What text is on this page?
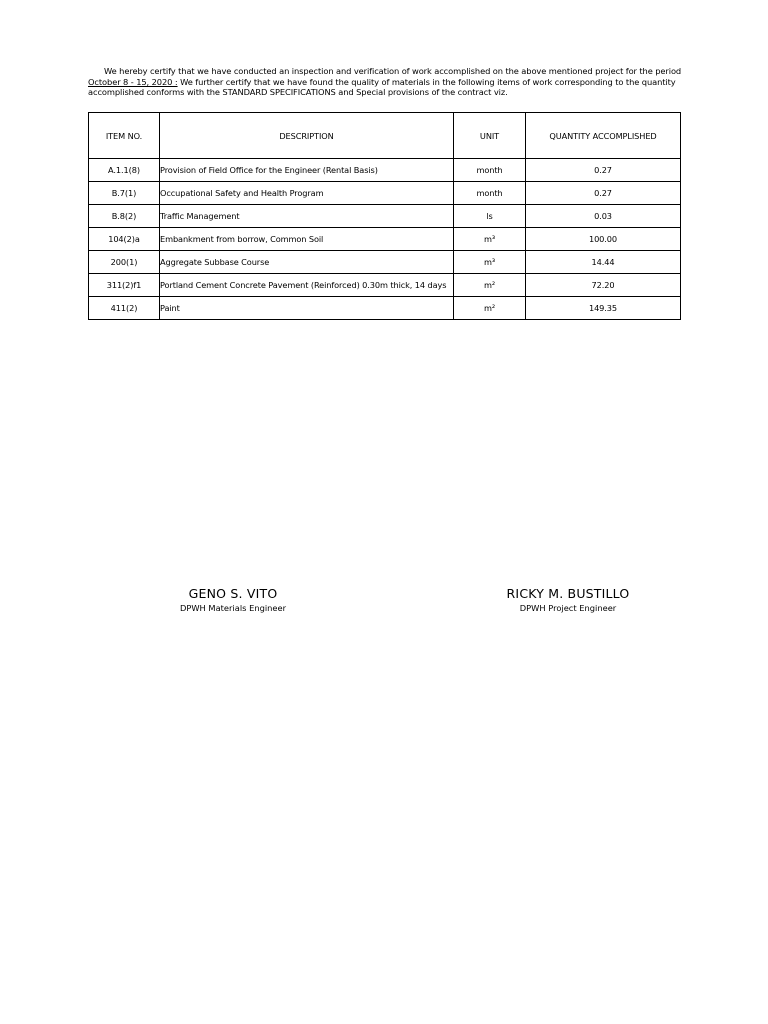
We hereby certify that we have conducted an inspection and verification of work accomplished on the above mentioned project for the period
October 8 - 15, 2020 : We further certify that we have found the quality of materials in the following items of work corresponding to the quantity
accomplished conforms with the STANDARD SPECIFICATIONS and Special provisions of the contract viz.
ITEM NO.	DESCRIPTION	UNIT	QUANTITY ACCOMPLISHED
A.1.1(8)	Provision of Field Office for the Engineer (Rental Basis)	month	0.27
B.7(1)	Occupational Safety and Health Program	month	0.27
B.8(2)	Traffic Management	ls	0.03
104(2)a	Embankment from borrow, Common Soil	m³	100.00
200(1)	Aggregate Subbase Course	m³	14.44
311(2)f1	Portland Cement Concrete Pavement (Reinforced) 0.30m thick, 14 days	m²	72.20
411(2)	Paint	m²	149.35
GENO S. VITO
DPWH Materials Engineer
RICKY M. BUSTILLO
DPWH Project Engineer
